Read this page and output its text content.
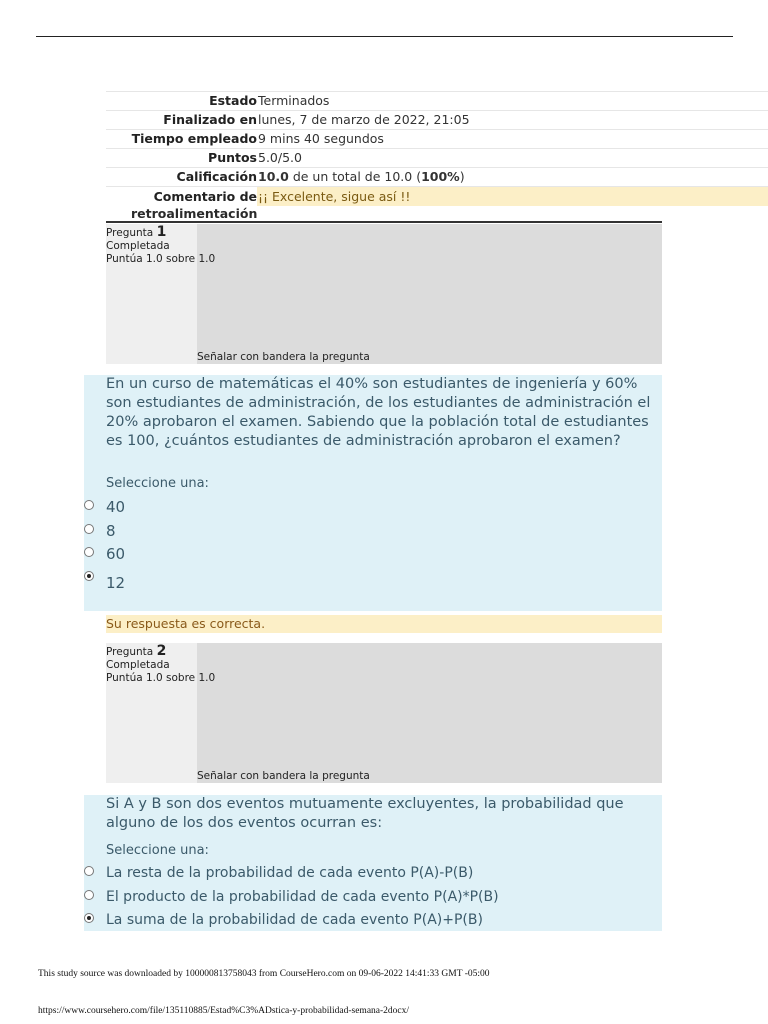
Estado Terminados
Finalizado en lunes, 7 de marzo de 2022, 21:05
Tiempo empleado 9 mins 40 segundos
Puntos 5.0/5.0
Calificación 10.0 de un total de 10.0 (100%)
Comentario de
retroalimentación
¡¡ Excelente, sigue así !!
Pregunta 1
Completada
Puntúa 1.0 sobre 1.0
Señalar con bandera la pregunta
En un curso de matemáticas el 40% son estudiantes de ingeniería y 60% son estudiantes de administración, de los estudiantes de administración el 20% aprobaron el examen. Sabiendo que la población total de estudiantes es 100, ¿cuántos estudiantes de administración aprobaron el examen?
Seleccione una:
40
8
60
12
Su respuesta es correcta.
Pregunta 2
Completada
Puntúa 1.0 sobre 1.0
Señalar con bandera la pregunta
Si A y B son dos eventos mutuamente excluyentes, la probabilidad que alguno de los dos eventos ocurran es:
Seleccione una:
La resta de la probabilidad de cada evento P(A)-P(B)
El producto de la probabilidad de cada evento P(A)*P(B)
La suma de la probabilidad de cada evento P(A)+P(B)
This study source was downloaded by 100000813758043 from CourseHero.com on 09-06-2022 14:41:33 GMT -05:00
https://www.coursehero.com/file/135110885/Estad%C3%ADstica-y-probabilidad-semana-2docx/
